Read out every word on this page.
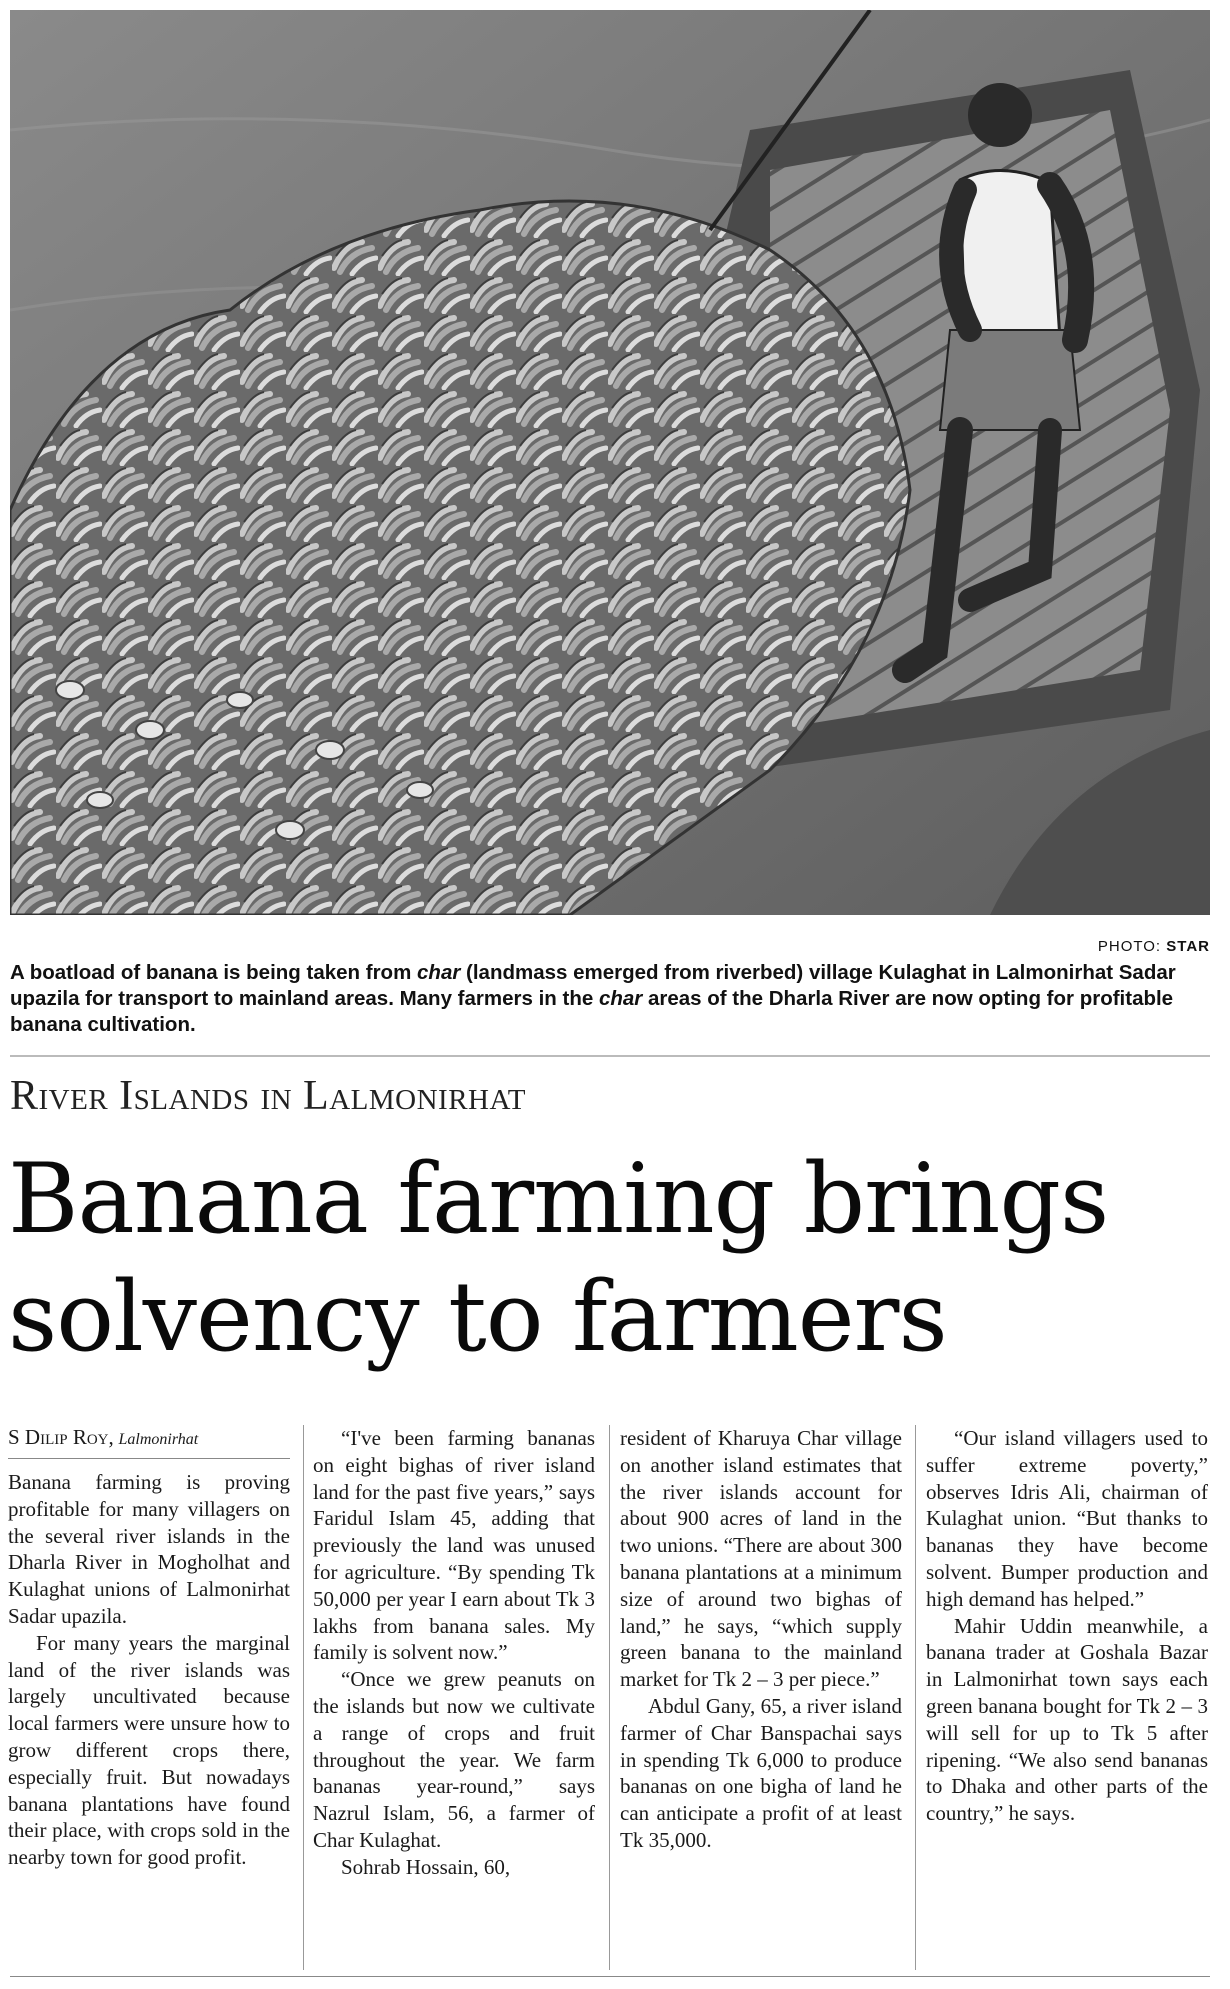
PHOTO: STAR
A boatload of banana is being taken from char (landmass emerged from riverbed) village Kulaghat in Lalmonirhat Sadar upazila for transport to mainland areas. Many farmers in the char areas of the Dharla River are now opting for profitable banana cultivation.
River Islands in Lalmonirhat
Banana farming brings
solvency to farmers
S Dilip Roy, Lalmonirhat

Banana farming is proving profitable for many villagers on the several river islands in the Dharla River in Mogholhat and Kulaghat unions of Lalmonirhat Sadar upazila.

For many years the marginal land of the river islands was largely uncultivated because local farmers were unsure how to grow different crops there, especially fruit. But nowadays banana plantations have found their place, with crops sold in the nearby town for good profit.

“I've been farming bananas on eight bighas of river island land for the past five years,” says Faridul Islam 45, adding that previously the land was unused for agriculture. “By spending Tk 50,000 per year I earn about Tk 3 lakhs from banana sales. My family is solvent now.”

“Once we grew peanuts on the islands but now we cultivate a range of crops and fruit throughout the year. We farm bananas year-round,” says Nazrul Islam, 56, a farmer of Char Kulaghat.

Sohrab Hossain, 60,

resident of Kharuya Char village on another island estimates that the river islands account for about 900 acres of land in the two unions. “There are about 300 banana plantations at a minimum size of around two bighas of land,” he says, “which supply green banana to the mainland market for Tk 2 – 3 per piece.”

Abdul Gany, 65, a river island farmer of Char Banspachai says in spending Tk 6,000 to produce bananas on one bigha of land he can anticipate a profit of at least Tk 35,000.

“Our island villagers used to suffer extreme poverty,” observes Idris Ali, chairman of Kulaghat union. “But thanks to bananas they have become solvent. Bumper production and high demand has helped.”

Mahir Uddin meanwhile, a banana trader at Goshala Bazar in Lalmonirhat town says each green banana bought for Tk 2 – 3 will sell for up to Tk 5 after ripening. “We also send bananas to Dhaka and other parts of the country,” he says.
